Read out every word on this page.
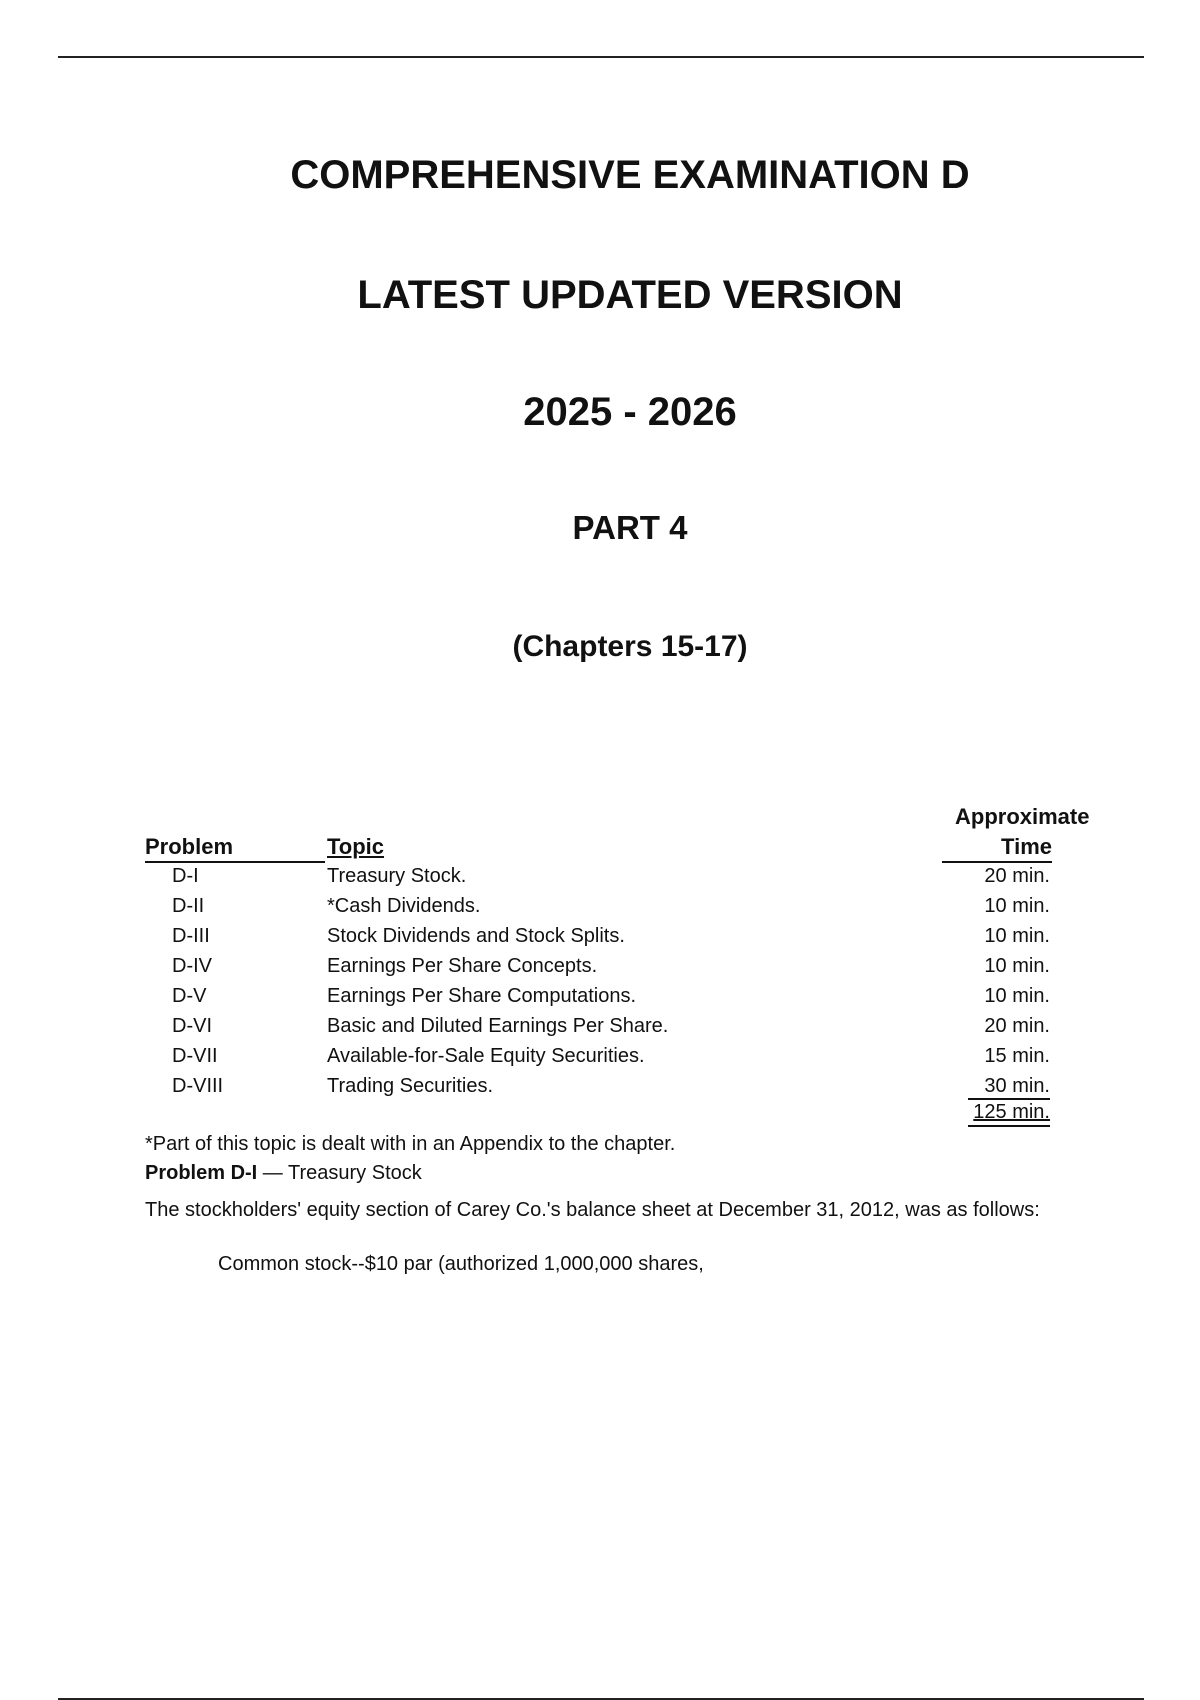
COMPREHENSIVE EXAMINATION D
LATEST UPDATED VERSION
2025 - 2026
PART 4
(Chapters 15-17)
Problem	Topic
Approximate
Time
D-I	Treasury Stock.	20 min.
D-II	*Cash Dividends.	10 min.
D-III	Stock Dividends and Stock Splits.	10 min.
D-IV	Earnings Per Share Concepts.	10 min.
D-V	Earnings Per Share Computations.	10 min.
D-VI	Basic and Diluted Earnings Per Share.	20 min.
D-VII	Available-for-Sale Equity Securities.	15 min.
D-VIII	Trading Securities.	30 min.
125 min.
*Part of this topic is dealt with in an Appendix to the chapter.
Problem D-I — Treasury Stock
The stockholders' equity section of Carey Co.'s balance sheet at December 31, 2012, was as follows:
Common stock--$10 par (authorized 1,000,000 shares,
